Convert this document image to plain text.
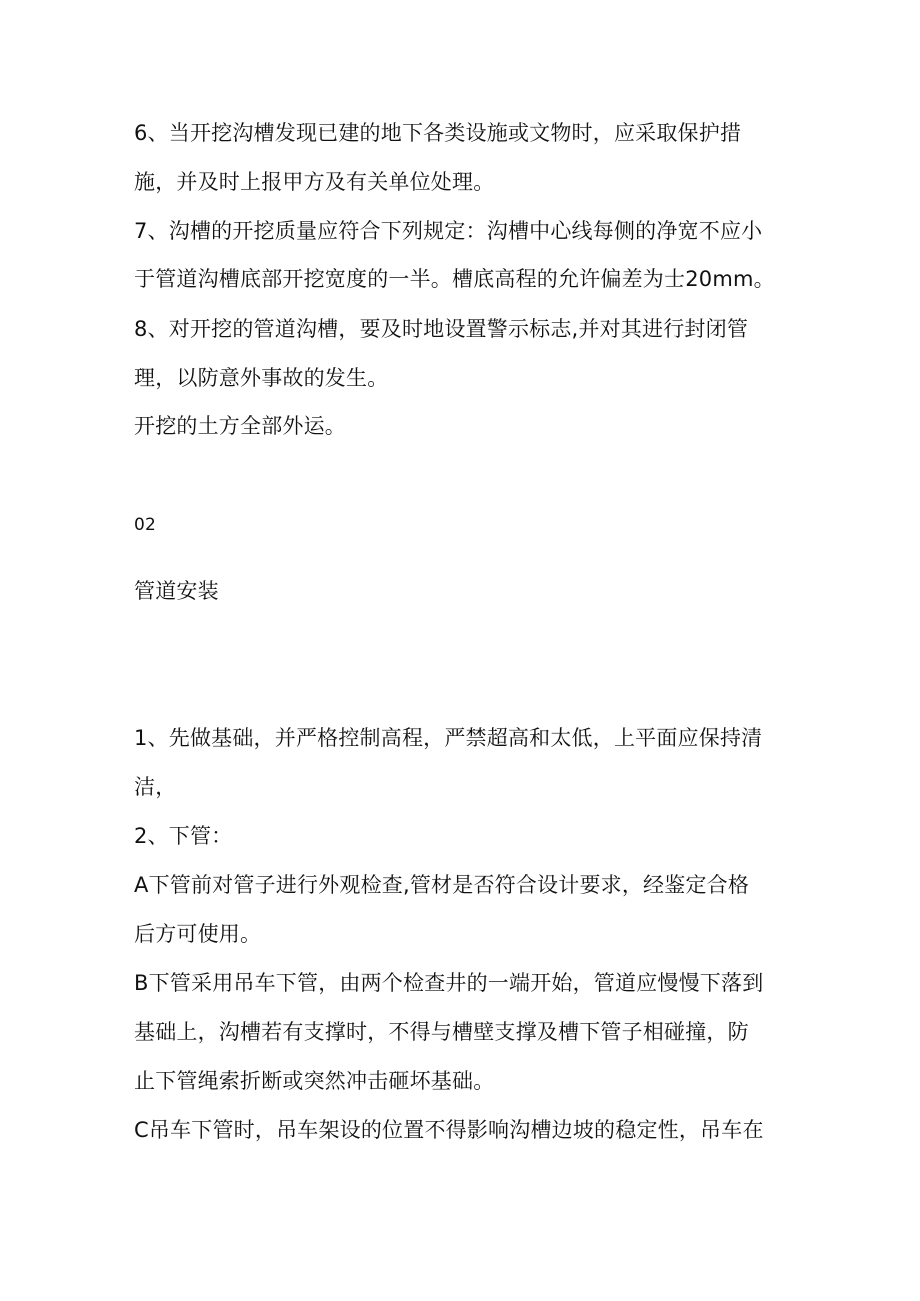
6、当开挖沟槽发现已建的地下各类设施或文物时，应采取保护措
施，并及时上报甲方及有关单位处理。
7、沟槽的开挖质量应符合下列规定：沟槽中心线每侧的净宽不应小
于管道沟槽底部开挖宽度的一半。槽底高程的允许偏差为士20mm。
8、对开挖的管道沟槽，要及时地设置警示标志,并对其进行封闭管
理，以防意外事故的发生。
开挖的土方全部外运。
02
管道安装
1、先做基础，并严格控制高程，严禁超高和太低，上平面应保持清
洁，
2、下管：
A下管前对管子进行外观检查,管材是否符合设计要求，经鉴定合格
后方可使用。
B下管采用吊车下管，由两个检查井的一端开始，管道应慢慢下落到
基础上，沟槽若有支撑时，不得与槽壁支撑及槽下管子相碰撞，防
止下管绳索折断或突然冲击砸坏基础。
C吊车下管时，吊车架设的位置不得影响沟槽边坡的稳定性，吊车在
